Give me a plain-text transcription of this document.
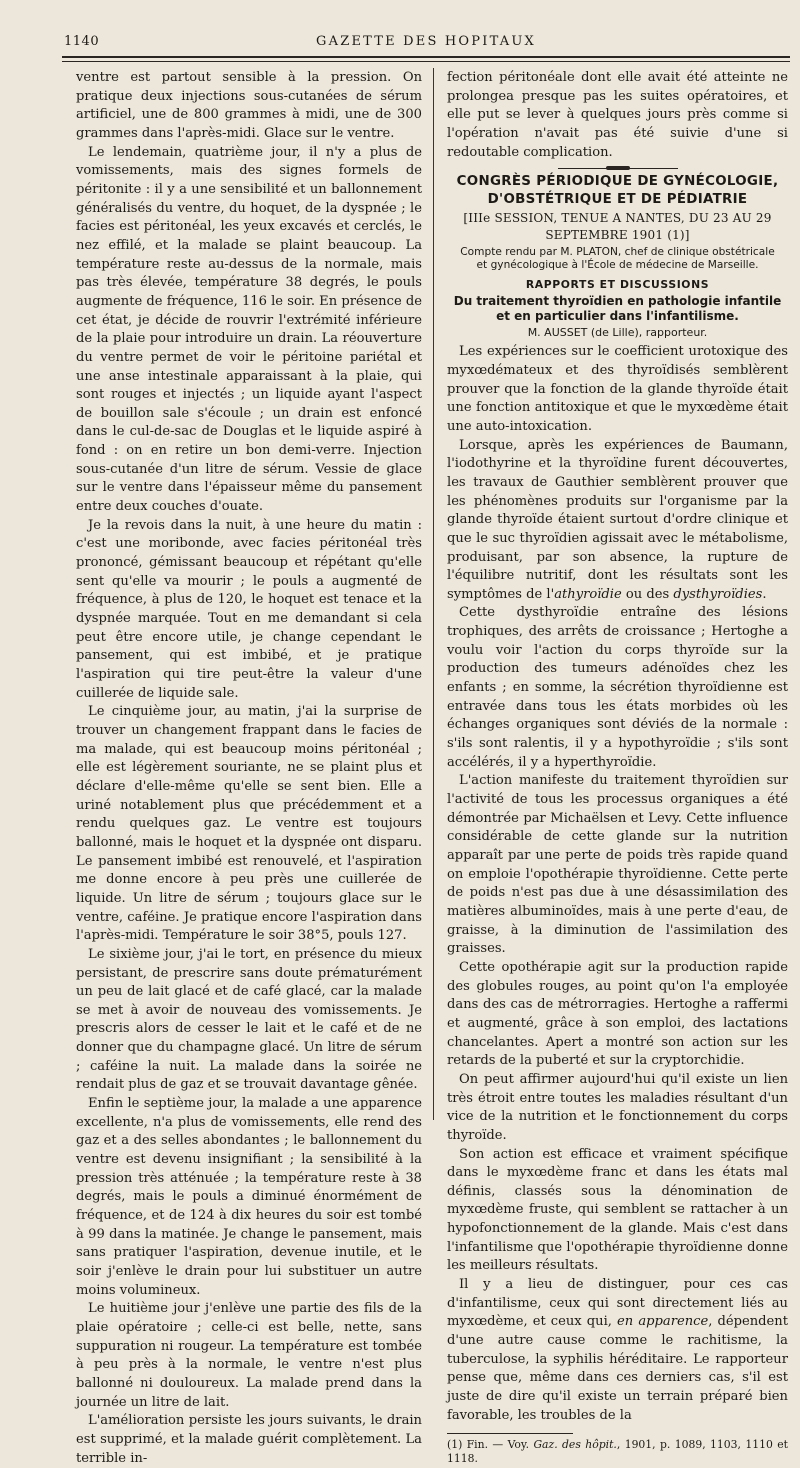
1140	GAZETTE DES HOPITAUX

ventre est partout sensible à la pression. On pratique deux injections sous-cutanées de sérum artificiel, une de 800 grammes à midi, une de 300 grammes dans l'après-midi. Glace sur le ventre.

Le lendemain, quatrième jour, il n'y a plus de vomissements, mais des signes formels de péritonite : il y a une sensibilité et un ballonnement généralisés du ventre, du hoquet, de la dyspnée ; le facies est péritonéal, les yeux excavés et cerclés, le nez effilé, et la malade se plaint beaucoup. La température reste au-dessus de la normale, mais pas très élevée, température 38 degrés, le pouls augmente de fréquence, 116 le soir. En présence de cet état, je décide de rouvrir l'extrémité inférieure de la plaie pour introduire un drain. La réouverture du ventre permet de voir le péritoine pariétal et une anse intestinale apparaissant à la plaie, qui sont rouges et injectés ; un liquide ayant l'aspect de bouillon sale s'écoule ; un drain est enfoncé dans le cul-de-sac de Douglas et le liquide aspiré à fond : on en retire un bon demi-verre. Injection sous-cutanée d'un litre de sérum. Vessie de glace sur le ventre dans l'épaisseur même du pansement entre deux couches d'ouate.

Je la revois dans la nuit, à une heure du matin : c'est une moribonde, avec facies péritonéal très prononcé, gémissant beaucoup et répétant qu'elle sent qu'elle va mourir ; le pouls a augmenté de fréquence, à plus de 120, le hoquet est tenace et la dyspnée marquée. Tout en me demandant si cela peut être encore utile, je change cependant le pansement, qui est imbibé, et je pratique l'aspiration qui tire peut-être la valeur d'une cuillerée de liquide sale.

Le cinquième jour, au matin, j'ai la surprise de trouver un changement frappant dans le facies de ma malade, qui est beaucoup moins péritonéal ; elle est légèrement souriante, ne se plaint plus et déclare d'elle-même qu'elle se sent bien. Elle a uriné notablement plus que précédemment et a rendu quelques gaz. Le ventre est toujours ballonné, mais le hoquet et la dyspnée ont disparu. Le pansement imbibé est renouvelé, et l'aspiration me donne encore à peu près une cuillerée de liquide. Un litre de sérum ; toujours glace sur le ventre, caféine. Je pratique encore l'aspiration dans l'après-midi. Température le soir 38°5, pouls 127.

Le sixième jour, j'ai le tort, en présence du mieux persistant, de prescrire sans doute prématurément un peu de lait glacé et de café glacé, car la malade se met à avoir de nouveau des vomissements. Je prescris alors de cesser le lait et le café et de ne donner que du champagne glacé. Un litre de sérum ; caféine la nuit. La malade dans la soirée ne rendait plus de gaz et se trouvait davantage gênée.

Enfin le septième jour, la malade a une apparence excellente, n'a plus de vomissements, elle rend des gaz et a des selles abondantes ; le ballonnement du ventre est devenu insignifiant ; la sensibilité à la pression très atténuée ; la température reste à 38 degrés, mais le pouls a diminué énormément de fréquence, et de 124 à dix heures du soir est tombé à 99 dans la matinée. Je change le pansement, mais sans pratiquer l'aspiration, devenue inutile, et le soir j'enlève le drain pour lui substituer un autre moins volumineux.

Le huitième jour j'enlève une partie des fils de la plaie opératoire ; celle-ci est belle, nette, sans suppuration ni rougeur. La température est tombée à peu près à la normale, le ventre n'est plus ballonné ni douloureux. La malade prend dans la journée un litre de lait.

L'amélioration persiste les jours suivants, le drain est supprimé, et la malade guérit complètement. La terrible in-

fection péritonéale dont elle avait été atteinte ne prolongea presque pas les suites opératoires, et elle put se lever à quelques jours près comme si l'opération n'avait pas été suivie d'une si redoutable complication.

CONGRÈS PÉRIODIQUE DE GYNÉCOLOGIE,
D'OBSTÉTRIQUE ET DE PÉDIATRIE
[IIIe SESSION, TENUE A NANTES, DU 23 AU 29 SEPTEMBRE 1901 (1)]
Compte rendu par M. PLATON, chef de clinique obstétricale
et gynécologique à l'École de médecine de Marseille.
RAPPORTS ET DISCUSSIONS
Du traitement thyroïdien en pathologie infantile
et en particulier dans l'infantilisme.
M. AUSSET (de Lille), rapporteur.

Les expériences sur le coefficient urotoxique des myxœdémateux et des thyroïdisés semblèrent prouver que la fonction de la glande thyroïde était une fonction antitoxique et que le myxœdème était une auto-intoxication.

Lorsque, après les expériences de Baumann, l'iodothyrine et la thyroïdine furent découvertes, les travaux de Gauthier semblèrent prouver que les phénomènes produits sur l'organisme par la glande thyroïde étaient surtout d'ordre clinique et que le suc thyroïdien agissait avec le métabolisme, produisant, par son absence, la rupture de l'équilibre nutritif, dont les résultats sont les symptômes de l'athyroïdie ou des dysthyroïdies.

Cette dysthyroïdie entraîne des lésions trophiques, des arrêts de croissance ; Hertoghe a voulu voir l'action du corps thyroïde sur la production des tumeurs adénoïdes chez les enfants ; en somme, la sécrétion thyroïdienne est entravée dans tous les états morbides où les échanges organiques sont déviés de la normale : s'ils sont ralentis, il y a hypothyroïdie ; s'ils sont accélérés, il y a hyperthyroïdie.

L'action manifeste du traitement thyroïdien sur l'activité de tous les processus organiques a été démontrée par Michaëlsen et Levy. Cette influence considérable de cette glande sur la nutrition apparaît par une perte de poids très rapide quand on emploie l'opothérapie thyroïdienne. Cette perte de poids n'est pas due à une désassimilation des matières albuminoïdes, mais à une perte d'eau, de graisse, à la diminution de l'assimilation des graisses.

Cette opothérapie agit sur la production rapide des globules rouges, au point qu'on l'a employée dans des cas de métrorragies. Hertoghe a raffermi et augmenté, grâce à son emploi, des lactations chancelantes. Apert a montré son action sur les retards de la puberté et sur la cryptorchidie.

On peut affirmer aujourd'hui qu'il existe un lien très étroit entre toutes les maladies résultant d'un vice de la nutrition et le fonctionnement du corps thyroïde.

Son action est efficace et vraiment spécifique dans le myxœdème franc et dans les états mal définis, classés sous la dénomination de myxœdème fruste, qui semblent se rattacher à un hypofonctionnement de la glande. Mais c'est dans l'infantilisme que l'opothérapie thyroïdienne donne les meilleurs résultats.

Il y a lieu de distinguer, pour ces cas d'infantilisme, ceux qui sont directement liés au myxœdème, et ceux qui, en apparence, dépendent d'une autre cause comme le rachitisme, la tuberculose, la syphilis héréditaire. Le rapporteur pense que, même dans ces derniers cas, s'il est juste de dire qu'il existe un terrain préparé bien favorable, les troubles de la

(1) Fin. — Voy. Gaz. des hôpit., 1901, p. 1089, 1103, 1110 et 1118.
